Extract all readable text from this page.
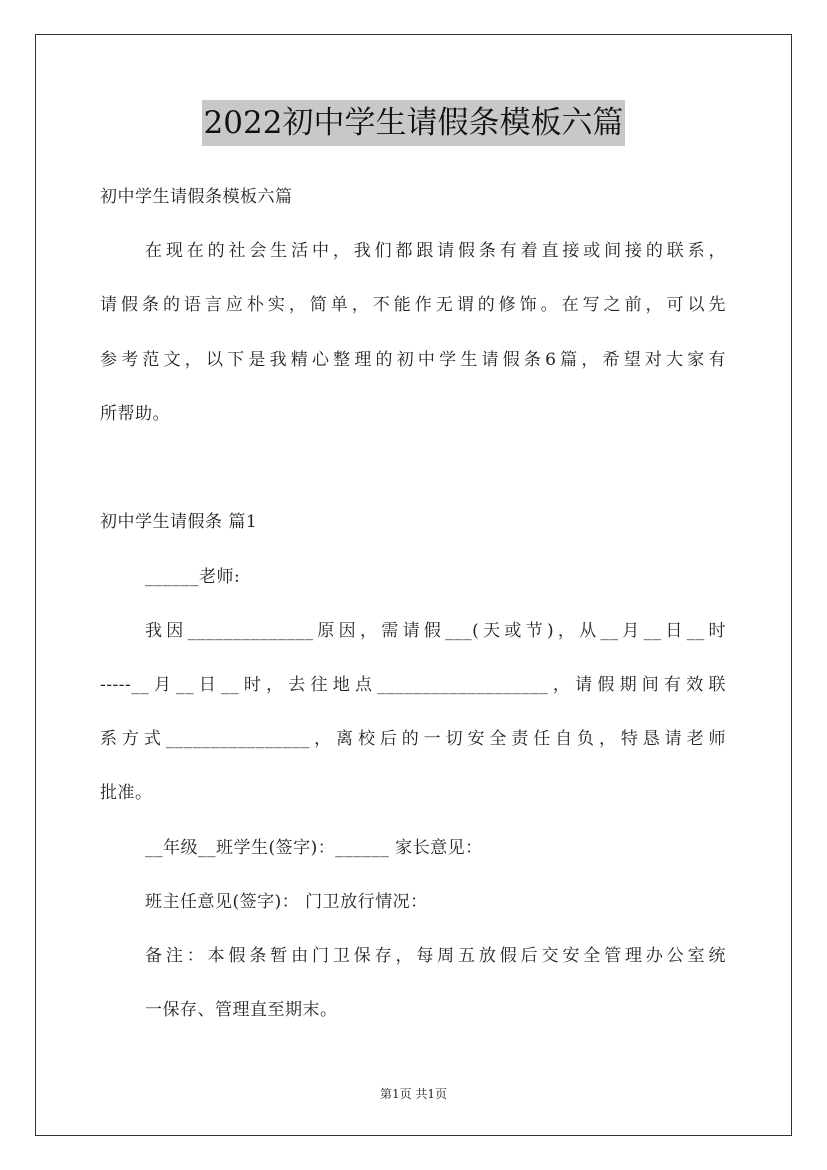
2022初中学生请假条模板六篇
初中学生请假条模板六篇
在现在的社会生活中，我们都跟请假条有着直接或间接的联系，
请假条的语言应朴实，简单，不能作无谓的修饰。在写之前，可以先
参考范文，以下是我精心整理的初中学生请假条6篇，希望对大家有
所帮助。
初中学生请假条 篇1
______老师:
我因______________原因，需请假___(天或节)，从__月__日__时
-----__月__日__时，去往地点___________________，请假期间有效联
系方式________________，离校后的一切安全责任自负，特恳请老师
批准。
__年级__班学生(签字)：______ 家长意见：
班主任意见(签字)： 门卫放行情况：
备注：本假条暂由门卫保存，每周五放假后交安全管理办公室统
一保存、管理直至期末。
第1页 共1页
